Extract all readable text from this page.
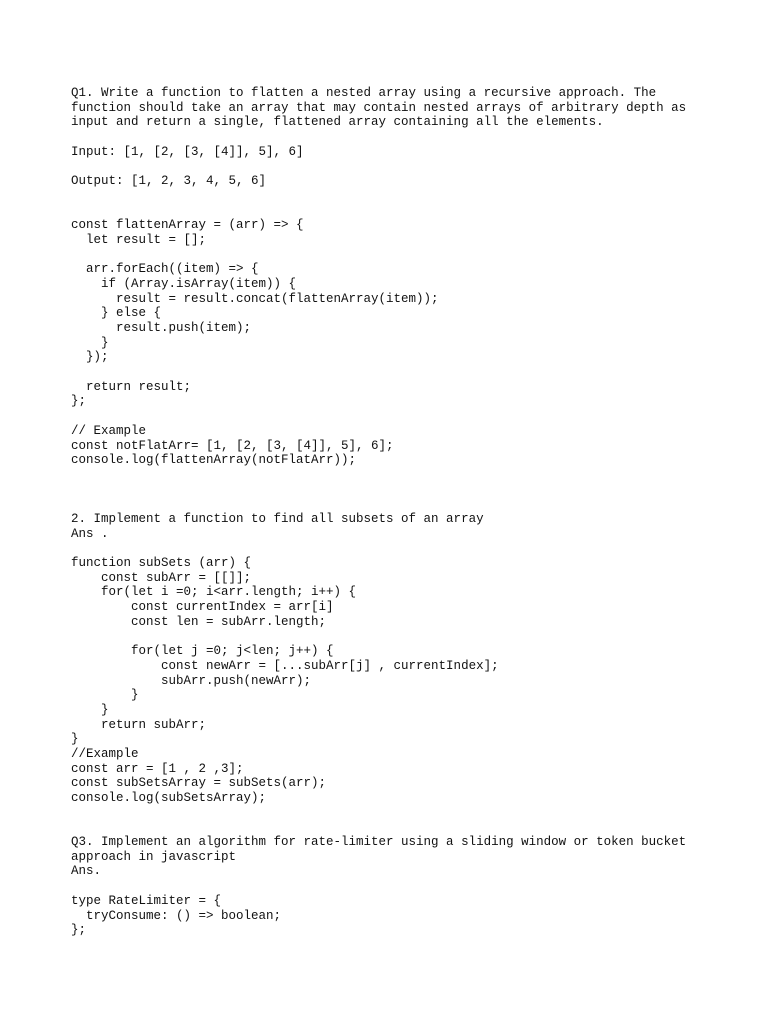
Q1. Write a function to flatten a nested array using a recursive approach. The
function should take an array that may contain nested arrays of arbitrary depth as
input and return a single, flattened array containing all the elements.
Input: [1, [2, [3, [4]], 5], 6]
Output: [1, 2, 3, 4, 5, 6]
const flattenArray = (arr) => {
let result = [];
arr.forEach((item) => {
if (Array.isArray(item)) {
result = result.concat(flattenArray(item));
} else {
result.push(item);
}
});
return result;
};
// Example
const notFlatArr= [1, [2, [3, [4]], 5], 6];
console.log(flattenArray(notFlatArr));
2. Implement a function to find all subsets of an array
Ans .
function subSets (arr) {
const subArr = [[]];
for(let i =0; i<arr.length; i++) {
const currentIndex = arr[i]
const len = subArr.length;
for(let j =0; j<len; j++) {
const newArr = [...subArr[j] , currentIndex];
subArr.push(newArr);
}
}
return subArr;
}
//Example
const arr = [1 , 2 ,3];
const subSetsArray = subSets(arr);
console.log(subSetsArray);
Q3. Implement an algorithm for rate-limiter using a sliding window or token bucket
approach in javascript
Ans.
type RateLimiter = {
tryConsume: () => boolean;
};
